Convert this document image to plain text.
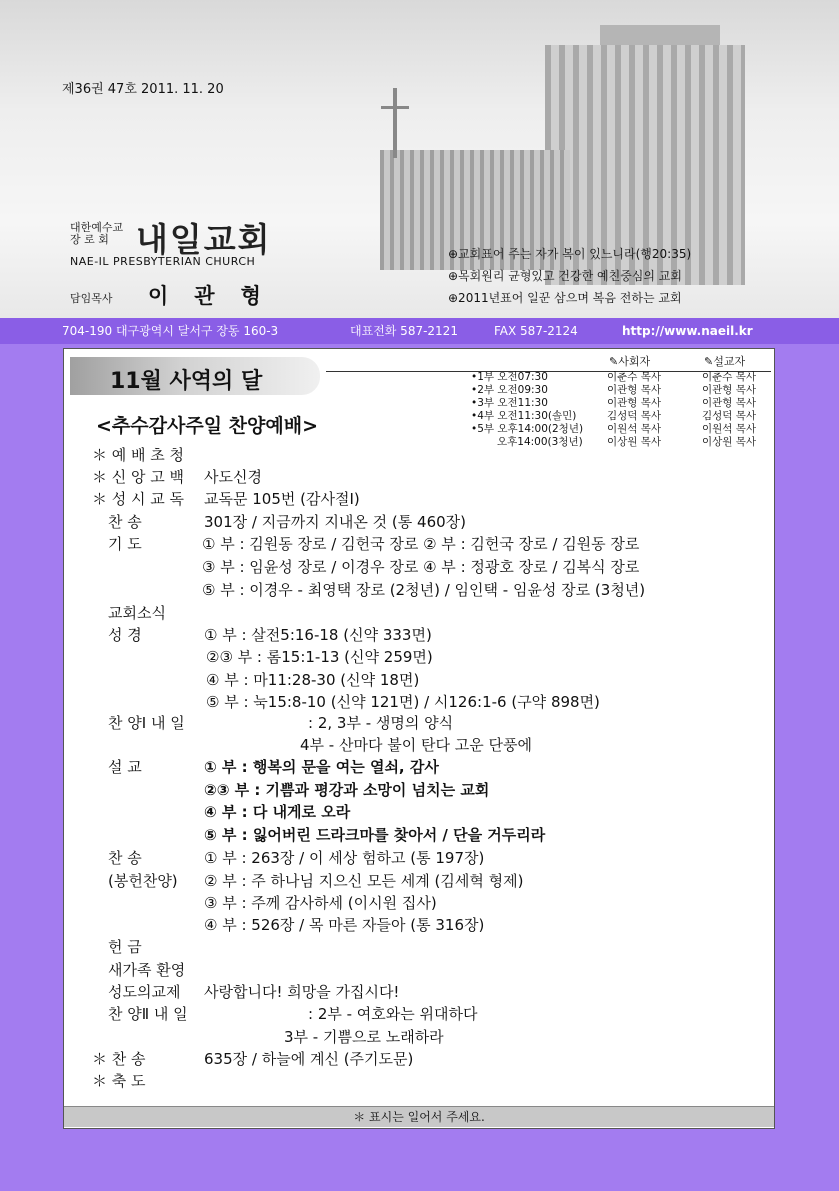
제36권 47호 2011. 11. 20
대한예수교 장 로 회 내일교회
NAE-IL PRESBYTERIAN CHURCH
담임목사 이관형
⊕교회표어 주는 자가 복이 있느니라(행20:35)
⊕목회원리 균형있고 건강한 예친중심의 교회
⊕2011년표어 일꾼 삼으며 복음 전하는 교회
704-190 대구광역시 달서구 장동 160-3	대표전화 587-2121	FAX 587-2124	http://www.naeil.kr
11월 사역의 달
✎사회자	✎설교자
•1부 오전07:30	이춘수 목사	이춘수 목사
•2부 오전09:30	이관형 목사	이관형 목사
•3부 오전11:30	이관형 목사	이관형 목사
•4부 오전11:30(솔민)	김성덕 목사	김성덕 목사
•5부 오후14:00(2청년) 이원석 목사	이원석 목사
오후14:00(3청년) 이상원 목사	이상원 목사
<추수감사주일 찬양예배>
＊ 예 배 초 청
＊ 신 앙 고 백 사도신경
＊ 성 시 교 독 교독문 105번 (감사절Ⅰ)
찬 송	301장 / 지금까지 지내온 것 (통 460장)
기 도	① 부 : 김원동 장로 / 김헌국 장로 ② 부 : 김헌국 장로 / 김원동 장로
③ 부 : 임윤성 장로 / 이경우 장로 ④ 부 : 정광호 장로 / 김복식 장로
⑤ 부 : 이경우 - 최영택 장로 (2청년) / 임인택 - 임윤성 장로 (3청년)
교회소식
성 경	① 부 : 살전5:16-18 (신약 333면)
②③ 부 : 롬15:1-13 (신약 259면)
④ 부 : 마11:28-30 (신약 18면)
⑤ 부 : 눅15:8-10 (신약 121면) / 시126:1-6 (구약 898면)
찬 양Ⅰ 내 일	: 2, 3부 - 생명의 양식
4부 - 산마다 불이 탄다 고운 단풍에
설 교	① 부 : 행복의 문을 여는 열쇠, 감사
②③ 부 : 기쁨과 평강과 소망이 넘치는 교회
④ 부 : 다 내게로 오라
⑤ 부 : 잃어버린 드라크마를 찾아서 / 단을 거두리라
찬 송	① 부 : 263장 / 이 세상 험하고 (통 197장)
(봉헌찬양) ② 부 : 주 하나님 지으신 모든 세계 (김세혁 형제)
③ 부 : 주께 감사하세 (이시원 집사)
④ 부 : 526장 / 목 마른 자들아 (통 316장)
헌 금
새가족 환영
성도의교제 사랑합니다! 희망을 가집시다!
찬 양Ⅱ 내 일	: 2부 - 여호와는 위대하다
3부 - 기쁨으로 노래하라
＊ 찬 송	635장 / 하늘에 계신 (주기도문)
＊ 축 도
＊ 표시는 일어서 주세요.
